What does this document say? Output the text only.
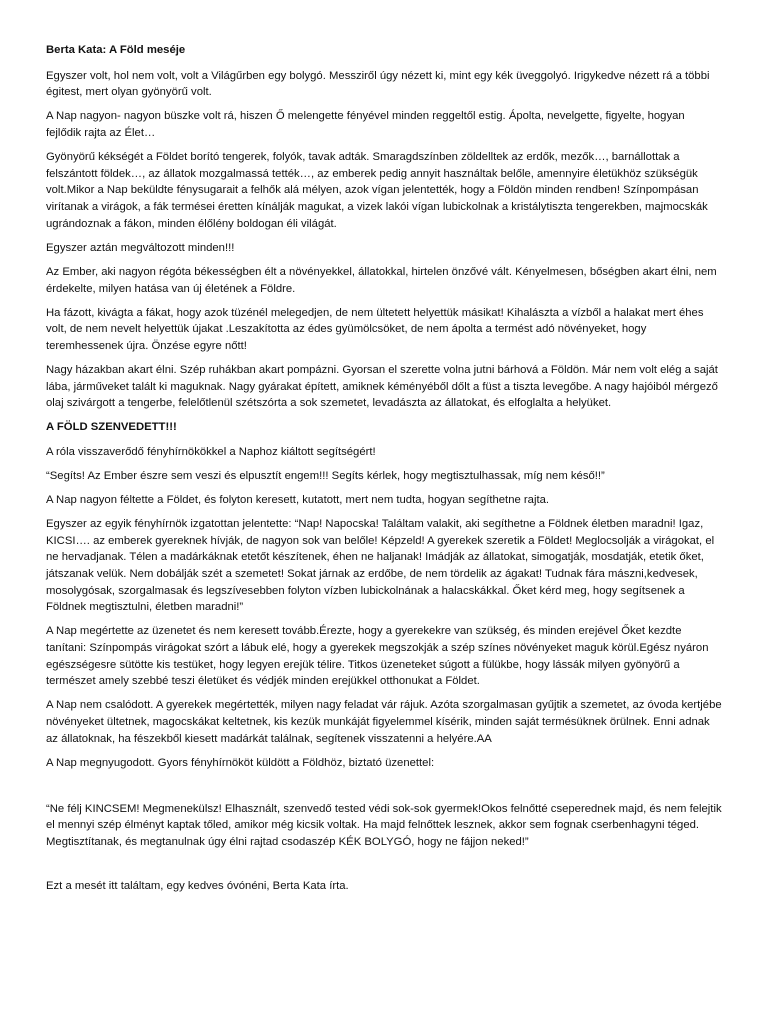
Berta Kata: A Föld meséje
Egyszer volt, hol nem volt, volt a Világűrben egy bolygó. Messziről úgy nézett ki, mint egy kék üveggolyó. Irigykedve nézett rá a többi égitest, mert olyan gyönyörű volt.
A Nap nagyon- nagyon büszke volt rá, hiszen Ő melengette fényével minden reggeltől estig. Ápolta, nevelgette, figyelte, hogyan fejlődik rajta az Élet…
Gyönyörű kékségét a Földet borító tengerek, folyók, tavak adták. Smaragdszínben zöldelltek az erdők, mezők…, barnállottak a felszántott földek…, az állatok mozgalmassá tették…, az emberek pedig annyit használtak belőle, amennyire életükhöz szükségük volt.Mikor a Nap beküldte fénysugarait a felhők alá mélyen, azok vígan jelentették, hogy a Földön minden rendben! Színpompásan virítanak a virágok, a fák termései éretten kínálják magukat, a vizek lakói vígan lubickolnak a kristálytiszta tengerekben, majmocskák ugrándoznak a fákon, minden élőlény boldogan éli világát.
Egyszer aztán megváltozott minden!!!
Az Ember, aki nagyon régóta békességben élt a növényekkel, állatokkal, hirtelen önzővé vált. Kényelmesen, bőségben akart élni, nem érdekelte, milyen hatása van új életének a Földre.
Ha fázott, kivágta a fákat, hogy azok tüzénél melegedjen, de nem ültetett helyettük másikat! Kihalászta a vízből a halakat mert éhes volt, de nem nevelt helyettük újakat .Leszakította az édes gyümölcsöket, de nem ápolta a termést adó növényeket, hogy teremhessenek újra. Önzése egyre nőtt!
Nagy házakban akart élni. Szép ruhákban akart pompázni. Gyorsan el szerette volna jutni bárhová a Földön. Már nem volt elég a saját lába, járműveket talált ki maguknak. Nagy gyárakat épített, amiknek kéményéből dőlt a füst a tiszta levegőbe. A nagy hajóiból mérgező olaj szivárgott a tengerbe, felelőtlenül szétszórta a sok szemetet, levadászta az állatokat, és elfoglalta a helyüket.
A FÖLD SZENVEDETT!!!
A róla visszaverődő fényhírnökökkel a Naphoz kiáltott segítségért!
“Segíts! Az Ember észre sem veszi és elpusztít engem!!! Segíts kérlek, hogy megtisztulhassak, míg nem késő!!”
A Nap nagyon féltette a Földet, és folyton keresett, kutatott, mert nem tudta, hogyan segíthetne rajta.
Egyszer az egyik fényhírnök izgatottan jelentette: “Nap! Napocska! Találtam valakit, aki segíthetne a Földnek életben maradni! Igaz, KICSI…. az emberek gyereknek hívják, de nagyon sok van belőle! Képzeld! A gyerekek szeretik a Földet! Meglocsolják a virágokat, el ne hervadjanak. Télen a madárkáknak etetőt készítenek, éhen ne haljanak! Imádják az állatokat, simogatják, mosdatják, etetik őket, játszanak velük. Nem dobálják szét a szemetet! Sokat járnak az erdőbe, de nem tördelik az ágakat! Tudnak fára mászni,kedvesek, mosolygósak, szorgalmasak és legszívesebben folyton vízben lubickolnának a halacskákkal. Őket kérd meg, hogy segítsenek a Földnek megtisztulni, életben maradni!”
A Nap megértette az üzenetet és nem keresett tovább.Érezte, hogy a gyerekekre van szükség, és minden erejével Őket kezdte tanítani: Színpompás virágokat szórt a lábuk elé, hogy a gyerekek megszokják a szép színes növényeket maguk körül.Egész nyáron egészségesre sütötte kis testüket, hogy legyen erejük télire. Titkos üzeneteket súgott a fülükbe, hogy lássák milyen gyönyörű a természet amely szebbé teszi életüket és védjék minden erejükkel otthonukat a Földet.
A Nap nem csalódott. A gyerekek megértették, milyen nagy feladat vár rájuk. Azóta szorgalmasan gyűjtik a szemetet, az óvoda kertjébe növényeket ültetnek, magocskákat keltetnek, kis kezük munkáját figyelemmel kísérik, minden saját termésüknek örülnek. Enni adnak az állatoknak, ha fészekből kiesett madárkát találnak, segítenek visszatenni a helyére.AA
A Nap megnyugodott. Gyors fényhírnököt küldött a Földhöz, biztató üzenettel:
“Ne félj KINCSEM! Megmenekülsz! Elhasznált, szenvedő tested védi sok-sok gyermek!Okos felnőtté cseperednek majd, és nem felejtik el mennyi szép élményt kaptak tőled, amikor még kicsik voltak. Ha majd felnőttek lesznek, akkor sem fognak cserbenhagyni téged. Megtisztítanak, és megtanulnak úgy élni rajtad csodaszép KÉK BOLYGÓ, hogy ne fájjon neked!”
Ezt a mesét itt találtam, egy kedves óvónéni, Berta Kata írta.
